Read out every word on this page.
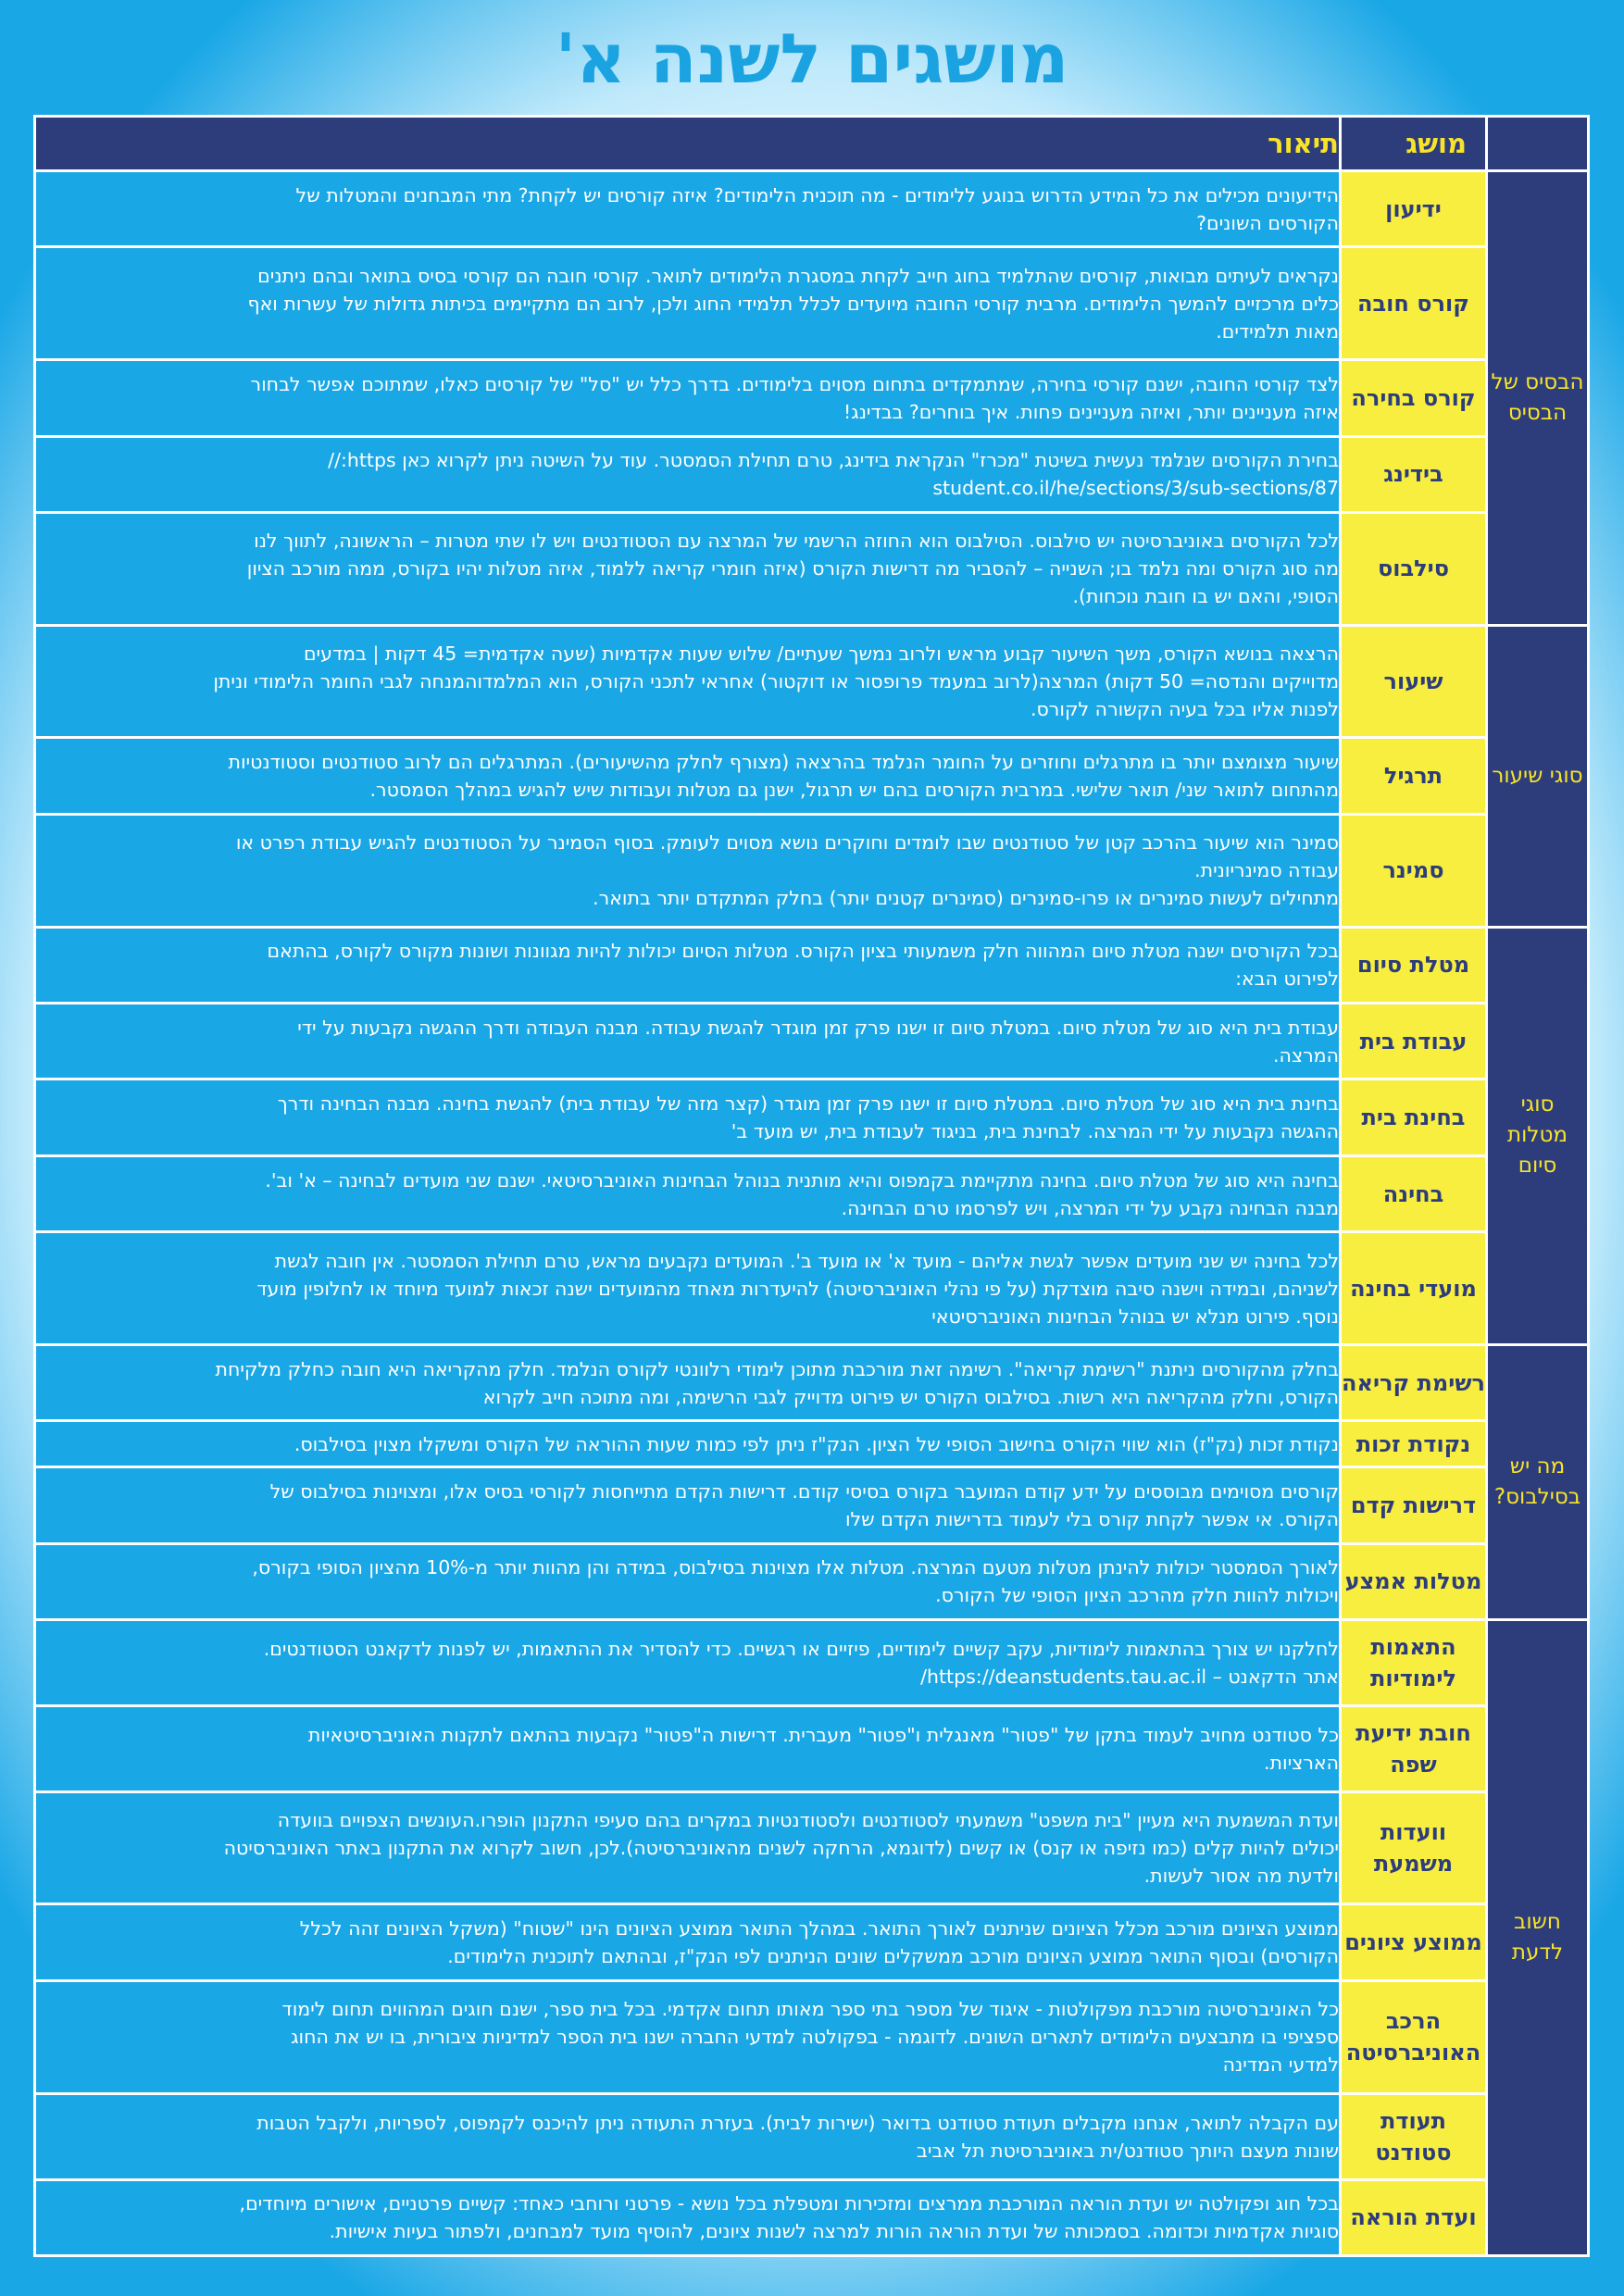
מושגים לשנה א'
	מושג	תיאור
הבסיס של הבסיס	ידיעון	הידיעונים מכילים את כל המידע הדרוש בנוגע ללימודים - מה תוכנית הלימודים? איזה קורסים יש לקחת? מתי המבחנים והמטלות של
הקורסים השונים?

	קורס חובה	נקראים לעיתים מבואות, קורסים שהתלמיד בחוג חייב לקחת במסגרת הלימודים לתואר. קורסי חובה הם קורסי בסיס בתואר ובהם ניתנים
כלים מרכזיים להמשך הלימודים. מרבית קורסי החובה מיועדים לכלל תלמידי החוג ולכן, לרוב הם מתקיימים בכיתות גדולות של עשרות ואף
מאות תלמידים.

	קורס בחירה	לצד קורסי החובה, ישנם קורסי בחירה, שמתמקדים בתחום מסוים בלימודים. בדרך כלל יש "סל" של קורסים כאלו, שמתוכם אפשר לבחור
איזה מעניינים יותר, ואיזה מעניינים פחות. איך בוחרים? בבדינג!

	בידינג	בחירת הקורסים שנלמד נעשית בשיטת "מכרז" הנקראת בידינג, טרם תחילת הסמסטר. עוד על השיטה ניתן לקרוא כאן https://
student.co.il/he/sections/3/sub-sections/87

	סילבוס	לכל הקורסים באוניברסיטה יש סילבוס. הסילבוס הוא החוזה הרשמי של המרצה עם הסטודנטים ויש לו שתי מטרות – הראשונה, לתווך לנו
מה סוג הקורס ומה נלמד בו; השנייה – להסביר מה דרישות הקורס (איזה חומרי קריאה ללמוד, איזה מטלות יהיו בקורס, ממה מורכב הציון
הסופי, והאם יש בו חובת נוכחות).

סוגי שיעור	שיעור	הרצאה בנושא הקורס, משך השיעור קבוע מראש ולרוב נמשך שעתיים/ שלוש שעות אקדמיות (שעה אקדמית= 45 דקות | במדעים
מדוייקים והנדסה= 50 דקות) המרצה(לרוב במעמד פרופסור או דוקטור) אחראי לתכני הקורס, הוא המלמדוהמנחה לגבי החומר הלימודי וניתן
לפנות אליו בכל בעיה הקשורה לקורס.

	תרגיל	שיעור מצומצם יותר בו מתרגלים וחוזרים על החומר הנלמד בהרצאה (מצורף לחלק מהשיעורים). המתרגלים הם לרוב סטודנטים וסטודנטיות
מהתחום לתואר שני/ תואר שלישי. במרבית הקורסים בהם יש תרגול, ישנן גם מטלות ועבודות שיש להגיש במהלך הסמסטר.

	סמינר	סמינר הוא שיעור בהרכב קטן של סטודנטים שבו לומדים וחוקרים נושא מסוים לעומק. בסוף הסמינר על הסטודנטים להגיש עבודת רפרט או
עבודה סמינריונית.
מתחילים לעשות סמינרים או פרו-סמינרים (סמינרים קטנים יותר) בחלק המתקדם יותר בתואר.

סוגי מטלות סיום	מטלת סיום	בכל הקורסים ישנה מטלת סיום המהווה חלק משמעותי בציון הקורס. מטלות הסיום יכולות להיות מגוונות ושונות מקורס לקורס, בהתאם
לפירוט הבא:

	עבודת בית	עבודת בית היא סוג של מטלת סיום. במטלת סיום זו ישנו פרק זמן מוגדר להגשת עבודה. מבנה העבודה ודרך ההגשה נקבעות על ידי
המרצה.

	בחינת בית	בחינת בית היא סוג של מטלת סיום. במטלת סיום זו ישנו פרק זמן מוגדר (קצר מזה של עבודת בית) להגשת בחינה. מבנה הבחינה ודרך
ההגשה נקבעות על ידי המרצה. לבחינת בית, בניגוד לעבודת בית, יש מועד ב'

	בחינה	בחינה היא סוג של מטלת סיום. בחינה מתקיימת בקמפוס והיא מותנית בנוהל הבחינות האוניברסיטאי. ישנם שני מועדים לבחינה – א' וב'.
מבנה הבחינה נקבע על ידי המרצה, ויש לפרסמו טרם הבחינה.

	מועדי בחינה	לכל בחינה יש שני מועדים אפשר לגשת אליהם - מועד א' או מועד ב'. המועדים נקבעים מראש, טרם תחילת הסמסטר. אין חובה לגשת
לשניהם, ובמידה וישנה סיבה מוצדקת (על פי נהלי האוניברסיטה) להיעדרות מאחד מהמועדים ישנה זכאות למועד מיוחד או לחלופין מועד
נוסף. פירוט מנלא יש בנוהל הבחינות האוניברסיטאי

מה יש בסילבוס?	רשימת קריאה	בחלק מהקורסים ניתנת "רשימת קריאה". רשימה זאת מורכבת מתוכן לימודי רלוונטי לקורס הנלמד. חלק מהקריאה היא חובה כחלק מלקיחת
הקורס, וחלק מהקריאה היא רשות. בסילבוס הקורס יש פירוט מדוייק לגבי הרשימה, ומה מתוכה חייב לקרוא

	נקודת זכות	נקודת זכות (נק"ז) הוא שווי הקורס בחישוב הסופי של הציון. הנק"ז ניתן לפי כמות שעות ההוראה של הקורס ומשקלו מצוין בסילבוס.

	דרישות קדם	קורסים מסוימים מבוססים על ידע קודם המועבר בקורס בסיסי קודם. דרישות הקדם מתייחסות לקורסי בסיס אלו, ומצוינות בסילבוס של
הקורס. אי אפשר לקחת קורס בלי לעמוד בדרישות הקדם שלו

	מטלות אמצע	לאורך הסמסטר יכולות להינתן מטלות מטעם המרצה. מטלות אלו מצוינות בסילבוס, במידה והן מהוות יותר מ-10% מהציון הסופי בקורס,
ויכולות להוות חלק מהרכב הציון הסופי של הקורס.

חשוב לדעת	התאמות לימודיות	לחלקנו יש צורך בהתאמות לימודיות, עקב קשיים לימודיים, פיזיים או רגשיים. כדי להסדיר את ההתאמות, יש לפנות לדקאנט הסטודנטים.
אתר הדקאנט – https://deanstudents.tau.ac.il/

	חובת ידיעת שפה	כל סטודנט מחויב לעמוד בתקן של "פטור" מאנגלית ו"פטור" מעברית. דרישות ה"פטור" נקבעות בהתאם לתקנות האוניברסיטאיות
הארציות.

	וועדות משמעת	ועדת המשמעת היא מעיין "בית משפט" משמעתי לסטודנטים ולסטודנטיות במקרים בהם סעיפי התקנון הופרו.העונשים הצפויים בוועדה
יכולים להיות קלים (כמו נזיפה או קנס) או קשים (לדוגמא, הרחקה לשנים מהאוניברסיטה).לכן, חשוב לקרוא את התקנון באתר האוניברסיטה
ולדעת מה אסור לעשות.

	ממוצע ציונים	ממוצע הציונים מורכב מכלל הציונים שניתנים לאורך התואר. במהלך התואר ממוצע הציונים הינו "שטוח" (משקל הציונים זהה לכלל
הקורסים) ובסוף התואר ממוצע הציונים מורכב ממשקלים שונים הניתנים לפי הנק"ז, ובהתאם לתוכנית הלימודים.

	הרכב האוניברסיטה	כל האוניברסיטה מורכבת מפקולטות - איגוד של מספר בתי ספר מאותו תחום אקדמי. בכל בית ספר, ישנם חוגים המהווים תחום לימוד
ספציפי בו מתבצעים הלימודים לתארים השונים. לדוגמה - בפקולטה למדעי החברה ישנו בית הספר למדיניות ציבורית, בו יש את החוג
למדעי המדינה

	תעודת סטודנט	עם הקבלה לתואר, אנחנו מקבלים תעודת סטודנט בדואר (ישירות לבית). בעזרת התעודה ניתן להיכנס לקמפוס, לספריות, ולקבל הטבות
שונות מעצם היותך סטודנט/ית באוניברסיטת תל אביב

	ועדת הוראה	בכל חוג ופקולטה יש ועדת הוראה המורכבת ממרצים ומזכירות ומטפלת בכל נושא - פרטני ורוחבי כאחד: קשיים פרטניים, אישורים מיוחדים,
סוגיות אקדמיות וכדומה. בסמכותה של ועדת הוראה הורות למרצה לשנות ציונים, להוסיף מועד למבחנים, ולפתור בעיות אישיות.
